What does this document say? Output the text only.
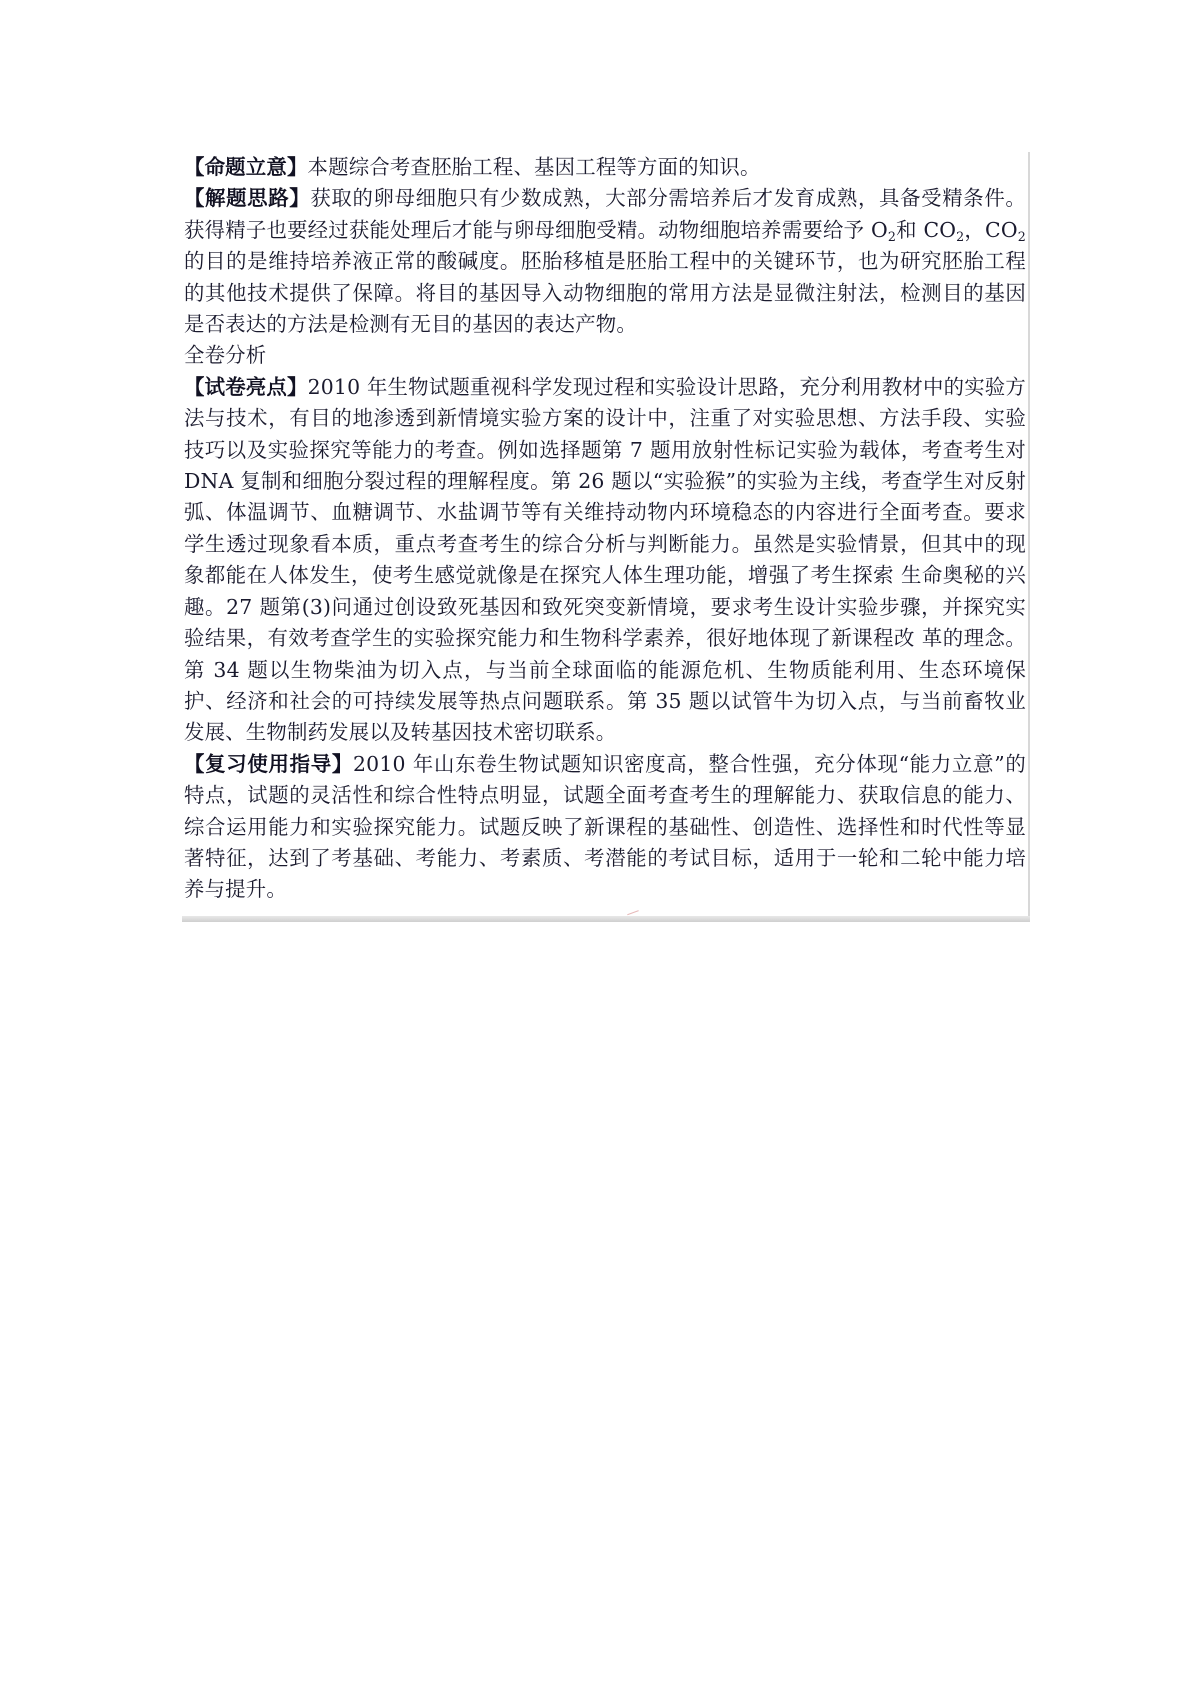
【命题立意】本题综合考查胚胎工程、基因工程等方面的知识。

【解题思路】获取的卵母细胞只有少数成熟，大部分需培养后才发育成熟，具备受精条件。获得精子也要经过获能处理后才能与卵母细胞受精。动物细胞培养需要给予 $O_2$和 $CO_2$，$CO_2$的目的是维持培养液正常的酸碱度。胚胎移植是胚胎工程中的关键环节，也为研究胚胎工程的其他技术提供了保障。将目的基因导入动物细胞的常用方法是显微注射法，检测目的基因是否表达的方法是检测有无目的基因的表达产物。

全卷分析

【试卷亮点】2010 年生物试题重视科学发现过程和实验设计思路，充分利用教材中的实验方法与技术，有目的地渗透到新情境实验方案的设计中，注重了对实验思想、方法手段、实验技巧以及实验探究等能力的考查。例如选择题第 7 题用放射性标记实验为载体，考查考生对 DNA 复制和细胞分裂过程的理解程度。第 26 题以“实验猴”的实验为主线，考查学生对反射弧、体温调节、血糖调节、水盐调节等有关维持动物内环境稳态的内容进行全面考查。要求学生透过现象看本质，重点考查考生的综合分析与判断能力。虽然是实验情景，但其中的现象都能在人体发生，使考生感觉就像是在探究人体生理功能，增强了考生探索 生命奥秘的兴趣。27 题第(3)问通过创设致死基因和致死突变新情境，要求考生设计实验步骤，并探究实验结果，有效考查学生的实验探究能力和生物科学素养，很好地体现了新课程改 革的理念。第 34 题以生物柴油为切入点，与当前全球面临的能源危机、生物质能利用、生态环境保护、经济和社会的可持续发展等热点问题联系。第 35 题以试管牛为切入点，与当前畜牧业发展、生物制药发展以及转基因技术密切联系。

【复习使用指导】2010 年山东卷生物试题知识密度高，整合性强，充分体现“能力立意”的特点，试题的灵活性和综合性特点明显，试题全面考查考生的理解能力、获取信息的能力、综合运用能力和实验探究能力。试题反映了新课程的基础性、创造性、选择性和时代性等显著特征，达到了考基础、考能力、考素质、考潜能的考试目标，适用于一轮和二轮中能力培养与提升。
